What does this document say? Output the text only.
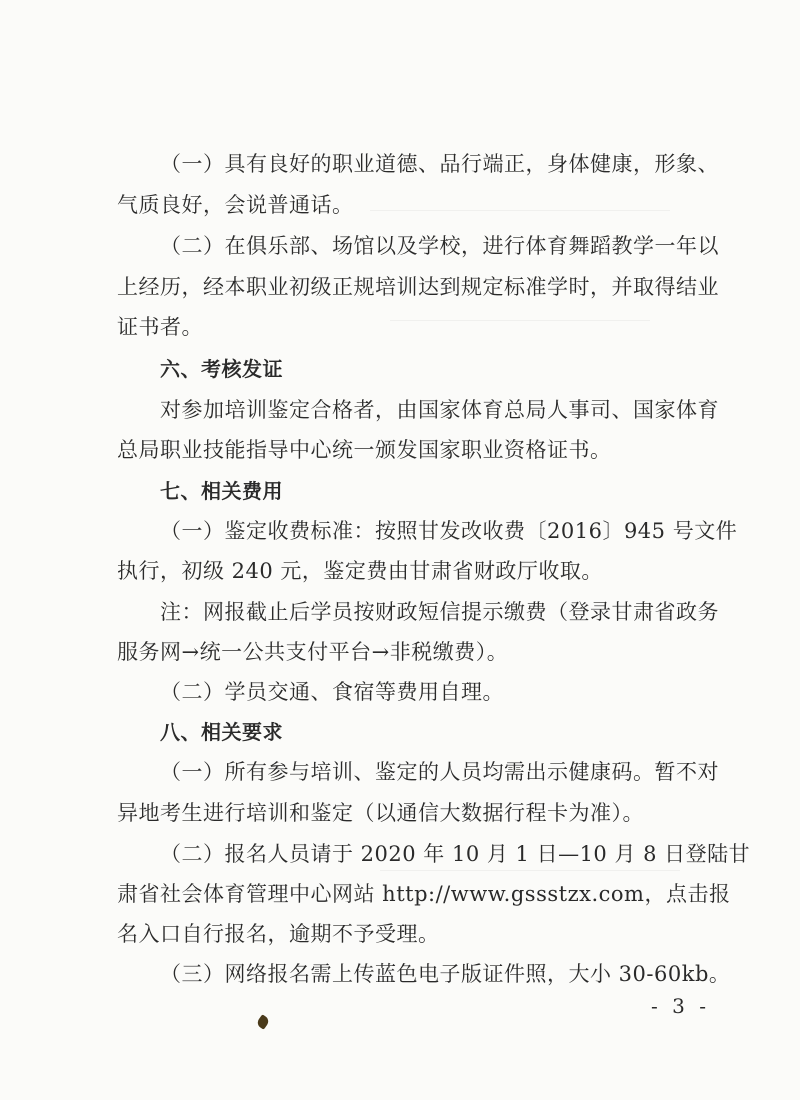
（一）具有良好的职业道德、品行端正，身体健康，形象、
气质良好，会说普通话。
（二）在俱乐部、场馆以及学校，进行体育舞蹈教学一年以
上经历，经本职业初级正规培训达到规定标准学时，并取得结业
证书者。
六、考核发证
对参加培训鉴定合格者，由国家体育总局人事司、国家体育
总局职业技能指导中心统一颁发国家职业资格证书。
七、相关费用
（一）鉴定收费标准：按照甘发改收费〔2016〕945 号文件
执行，初级 240 元，鉴定费由甘肃省财政厅收取。
注：网报截止后学员按财政短信提示缴费（登录甘肃省政务
服务网→统一公共支付平台→非税缴费）。
（二）学员交通、食宿等费用自理。
八、相关要求
（一）所有参与培训、鉴定的人员均需出示健康码。暂不对
异地考生进行培训和鉴定（以通信大数据行程卡为准）。
（二）报名人员请于 2020 年 10 月 1 日—10 月 8 日登陆甘
肃省社会体育管理中心网站 http://www.gssstzx.com，点击报
名入口自行报名，逾期不予受理。
（三）网络报名需上传蓝色电子版证件照，大小 30-60kb。
- 3 -
